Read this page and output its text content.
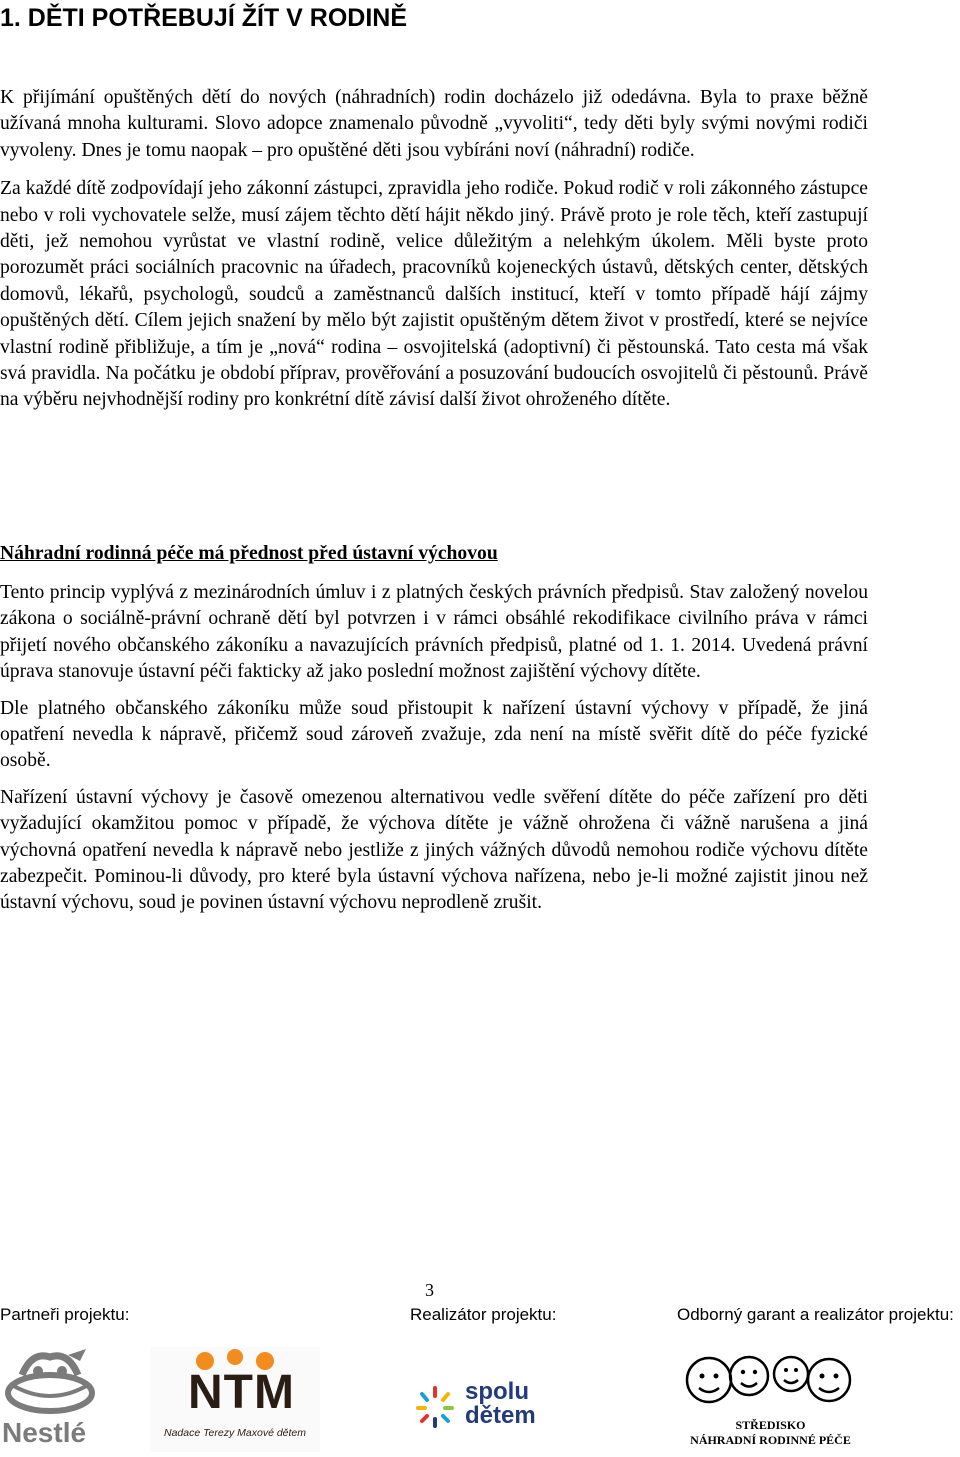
1. DĚTI POTŘEBUJÍ ŽÍT V RODINĚ

K přijímání opuštěných dětí do nových (náhradních) rodin docházelo již odedávna. Byla to praxe běžně užívaná mnoha kulturami. Slovo adopce znamenalo původně „vyvoliti“, tedy děti byly svými novými rodiči vyvoleny. Dnes je tomu naopak – pro opuštěné děti jsou vybíráni noví (náhradní) rodiče.

Za každé dítě zodpovídají jeho zákonní zástupci, zpravidla jeho rodiče. Pokud rodič v roli zákonného zástupce nebo v roli vychovatele selže, musí zájem těchto dětí hájit někdo jiný. Právě proto je role těch, kteří zastupují děti, jež nemohou vyrůstat ve vlastní rodině, velice důležitým a nelehkým úkolem. Měli byste proto porozumět práci sociálních pracovnic na úřadech, pracovníků kojeneckých ústavů, dětských center, dětských domovů, lékařů, psychologů, soudců a zaměstnanců dalších institucí, kteří v tomto případě hájí zájmy opuštěných dětí. Cílem jejich snažení by mělo být zajistit opuštěným dětem život v prostředí, které se nejvíce vlastní rodině přibližuje, a tím je „nová“ rodina – osvojitelská (adoptivní) či pěstounská. Tato cesta má však svá pravidla. Na počátku je období příprav, prověřování a posuzování budoucích osvojitelů či pěstounů. Právě na výběru nejvhodnější rodiny pro konkrétní dítě závisí další život ohroženého dítěte.

Náhradní rodinná péče má přednost před ústavní výchovou

Tento princip vyplývá z mezinárodních úmluv i z platných českých právních předpisů. Stav založený novelou zákona o sociálně-právní ochraně dětí byl potvrzen i v rámci obsáhlé rekodifikace civilního práva v rámci přijetí nového občanského zákoníku a navazujících právních předpisů, platné od 1. 1. 2014. Uvedená právní úprava stanovuje ústavní péči fakticky až jako poslední možnost zajištění výchovy dítěte.

Dle platného občanského zákoníku může soud přistoupit k nařízení ústavní výchovy v případě, že jiná opatření nevedla k nápravě, přičemž soud zároveň zvažuje, zda není na místě svěřit dítě do péče fyzické osobě.

Nařízení ústavní výchovy je časově omezenou alternativou vedle svěření dítěte do péče zařízení pro děti vyžadující okamžitou pomoc v případě, že výchova dítěte je vážně ohrožena či vážně narušena a jiná výchovná opatření nevedla k nápravě nebo jestliže z jiných vážných důvodů nemohou rodiče výchovu dítěte zabezpečit. Pominou-li důvody, pro které byla ústavní výchova nařízena, nebo je-li možné zajistit jinou než ústavní výchovu, soud je povinen ústavní výchovu neprodleně zrušit.

3
Partneři projektu:	Realizátor projektu:	Odborný garant a realizátor projektu:
Nestlé
NTM
Nadace Terezy Maxové dětem
spolu
dětem	STŘEDISKO
NÁHRADNÍ RODINNÉ PÉČE
